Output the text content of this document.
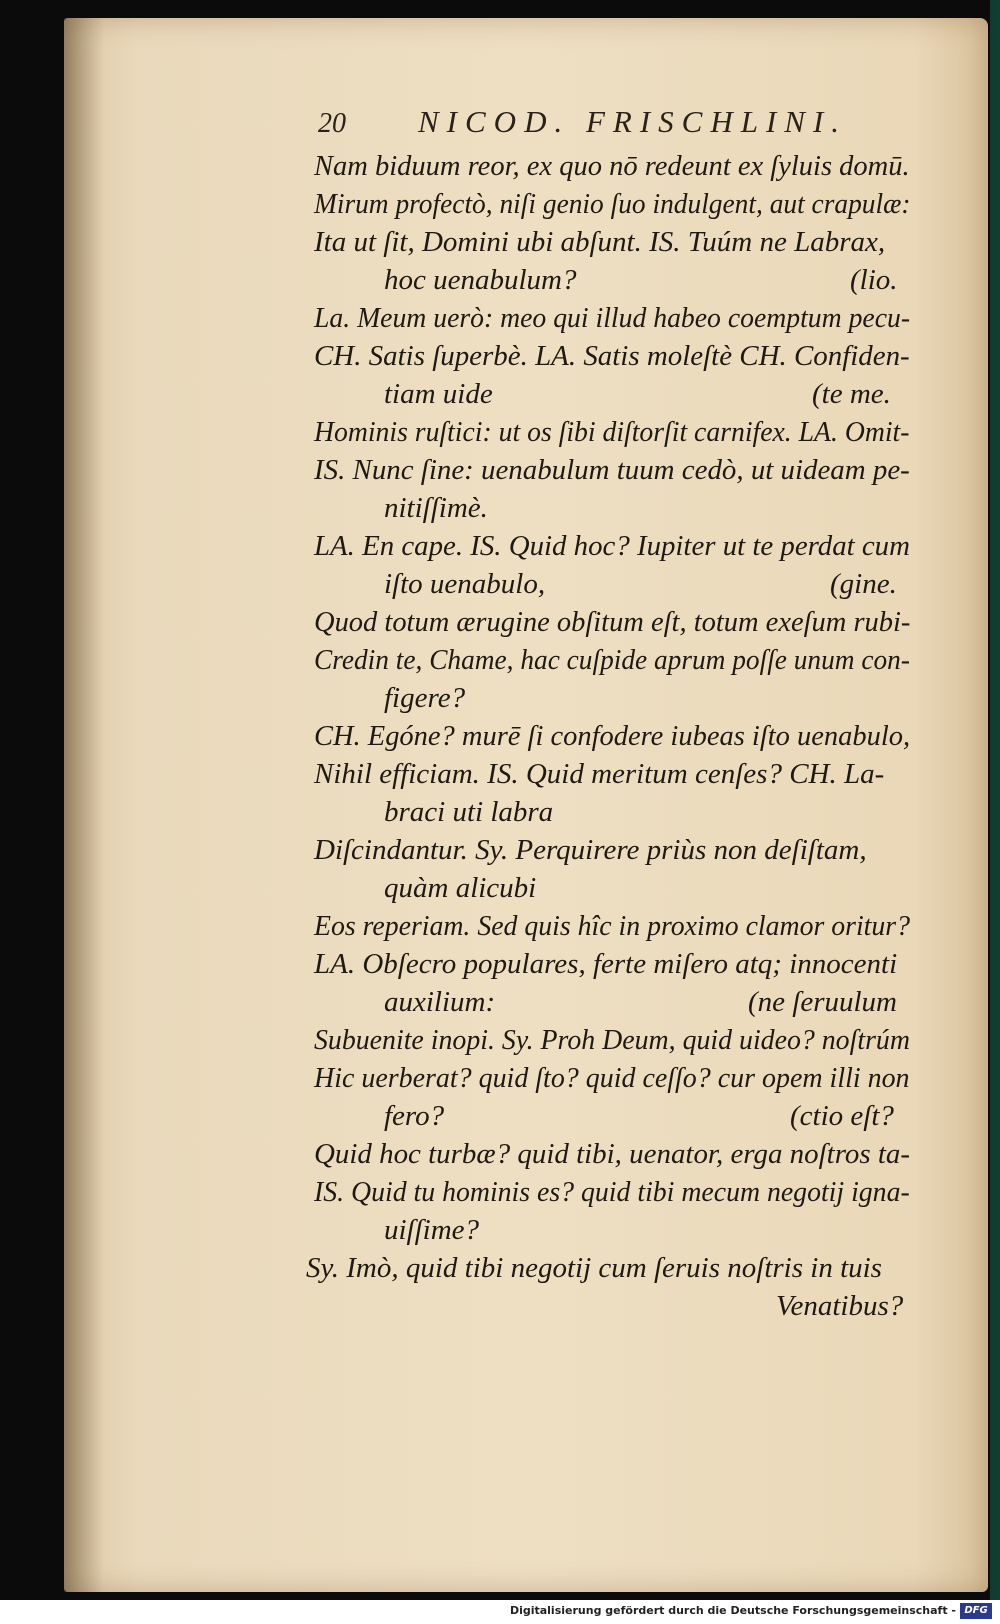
20 NICOD. FRISCHLINI.
Nam biduum reor, ex quo nō redeunt ex ſyluis domū.
Mirum profectò, niſi genio ſuo indulgent, aut crapulæ:
Ita ut ſit, Domini ubi abſunt. IS. Tuúm ne Labrax,
hoc uenabulum?	(lio.
La. Meum uerò: meo qui illud habeo coemptum pecu-
CH. Satis ſuperbè. LA. Satis moleſtè CH. Confiden-
tiam uide	(te me.
Hominis ruſtici: ut os ſibi diſtorſit carnifex. LA. Omit-
IS. Nunc ſine: uenabulum tuum cedò, ut uideam pe-
nitiſſimè.
LA. En cape. IS. Quid hoc? Iupiter ut te perdat cum
iſto uenabulo,	(gine.
Quod totum ærugine obſitum eſt, totum exeſum rubi-
Credin te, Chame, hac cuſpide aprum poſſe unum con-
figere?
CH. Egóne? murē ſi confodere iubeas iſto uenabulo,
Nihil efficiam. IS. Quid meritum cenſes? CH. La-
braci uti labra
Diſcindantur. Sy. Perquirere priùs non deſiſtam,
quàm alicubi
Eos reperiam. Sed quis hîc in proximo clamor oritur?
LA. Obſecro populares, ferte miſero atq; innocenti
auxilium:	(ne ſeruulum
Subuenite inopi. Sy. Proh Deum, quid uideo? noſtrúm
Hic uerberat? quid ſto? quid ceſſo? cur opem illi non
fero?	(ctio eſt?
Quid hoc turbæ? quid tibi, uenator, erga noſtros ta-
IS. Quid tu hominis es? quid tibi mecum negotij igna-
uiſſime?
Sy. Imò, quid tibi negotij cum ſeruis noſtris in tuis
Venatibus?
Digitalisierung gefördert durch die Deutsche Forschungsgemeinschaft - DFG
